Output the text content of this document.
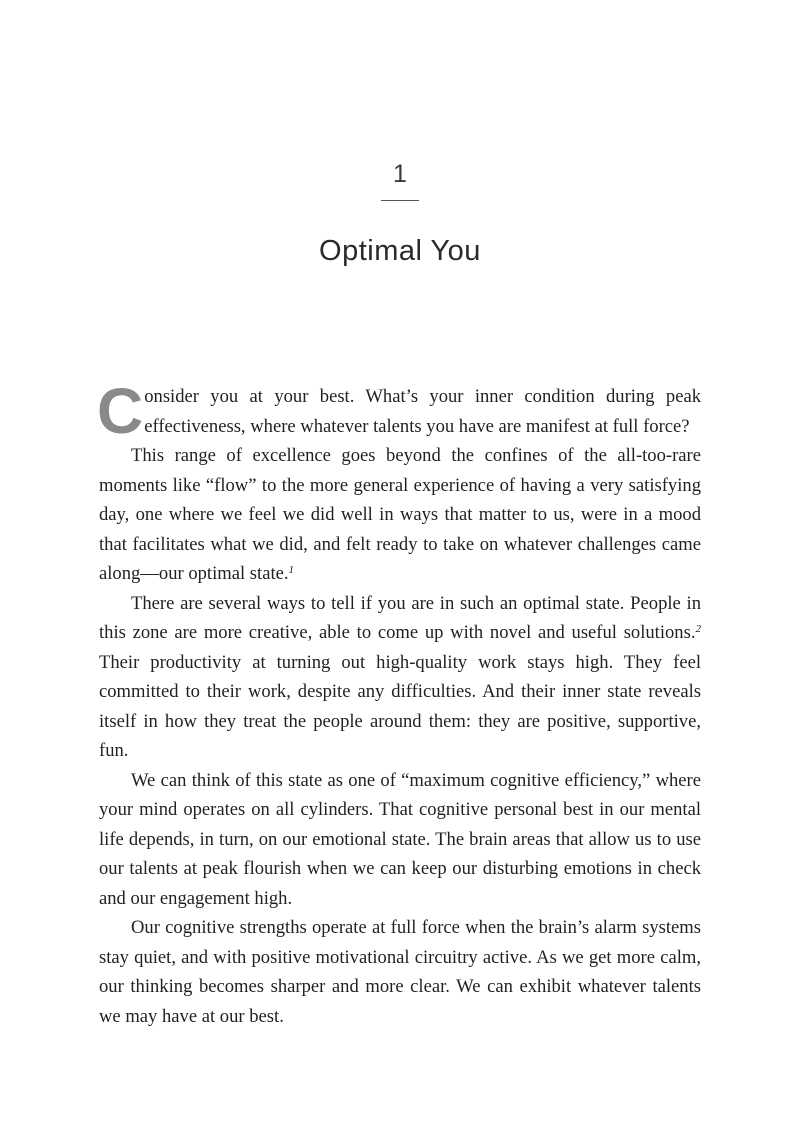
1
Optimal You

Consider you at your best. What’s your inner condition during peak effectiveness, where whatever talents you have are manifest at full force?

This range of excellence goes beyond the confines of the all-too-rare moments like “flow” to the more general experience of having a very satisfying day, one where we feel we did well in ways that matter to us, were in a mood that facilitates what we did, and felt ready to take on whatever challenges came along—our optimal state.$^1$

There are several ways to tell if you are in such an optimal state. People in this zone are more creative, able to come up with novel and useful solutions.$^2$ Their productivity at turning out high-quality work stays high. They feel committed to their work, despite any difficulties. And their inner state reveals itself in how they treat the people around them: they are positive, supportive, fun.

We can think of this state as one of “maximum cognitive efficiency,” where your mind operates on all cylinders. That cognitive personal best in our mental life depends, in turn, on our emotional state. The brain areas that allow us to use our talents at peak flourish when we can keep our disturbing emotions in check and our engagement high.

Our cognitive strengths operate at full force when the brain’s alarm systems stay quiet, and with positive motivational circuitry active. As we get more calm, our thinking becomes sharper and more clear. We can exhibit whatever talents we may have at our best.
